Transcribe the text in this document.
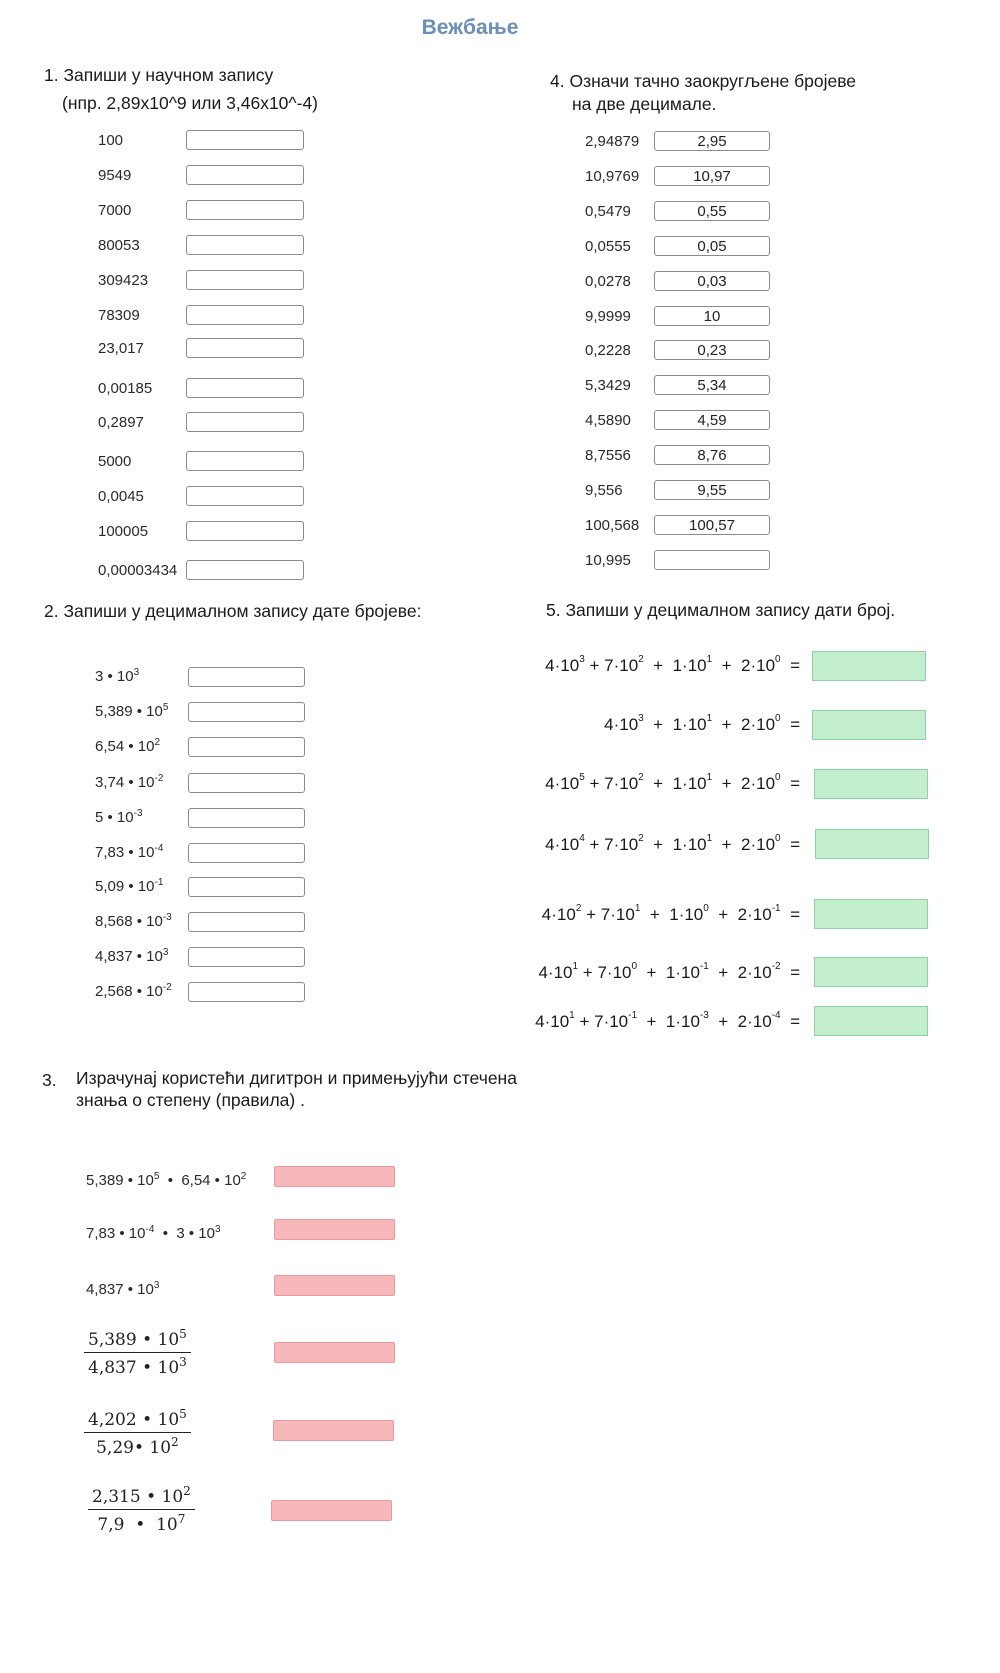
Вежбање
1. Запиши у научном запису
(нпр. 2,89х10^9 или 3,46х10^-4)
100
9549
7000
80053
309423
78309
23,017
0,00185
0,2897
5000
0,0045
100005
0,00003434
2. Запиши у децималном запису дате бројеве:
3 • $10^3$
5,389 • $10^5$
6,54 • $10^2$
3,74 • $10^{-2}$
5 • $10^{-3}$
7,83 • $10^{-4}$
5,09 • $10^{-1}$
8,568 • $10^{-3}$
4,837 • $10^3$
2,568 • $10^{-2}$
3. Израчунај користећи дигитрон и примењујући стечена
знања о степену (правила) .
5,389 • $10^5$  •  6,54 • $10^2$
7,83 • $10^{-4}$  •  3 • $10^3$
4,837 • $10^3$
$\frac{5,389 • 10^5}{4,837 • 10^3}$
$\frac{4,202 • 10^5}{5,29• 10^2}$
$\frac{2,315 • 10^2}{7,9 • 10^7}$
4. Означи тачно заокругљене бројеве
на две децимале.
2,94879
2,95
10,9769
10,97
0,5479
0,55
0,0555
0,05
0,0278
0,03
9,9999
10
0,2228
0,23
5,3429
5,34
4,5890
4,59
8,7556
8,76
9,556
9,55
100,568
100,57
10,995
5. Запиши у децималном запису дати број.
$4\cdot 10^3 + 7\cdot 10^2 + 1\cdot 10^1 + 2\cdot 10^0$ =
$4\cdot 10^3 + 1\cdot 10^1 + 2\cdot 10^0$ =
$4\cdot 10^5 + 7\cdot 10^2 + 1\cdot 10^1 + 2\cdot 10^0$ =
$4\cdot 10^4 + 7\cdot 10^2 + 1\cdot 10^1 + 2\cdot 10^0$ =
$4\cdot 10^2 + 7\cdot 10^1 + 1\cdot 10^0 + 2\cdot 10^{-1}$ =
$4\cdot 10^1 + 7\cdot 10^0 + 1\cdot 10^{-1} + 2\cdot 10^{-2}$ =
$4\cdot 10^1 + 7\cdot 10^{-1} + 1\cdot 10^{-3} + 2\cdot 10^{-4}$ =
